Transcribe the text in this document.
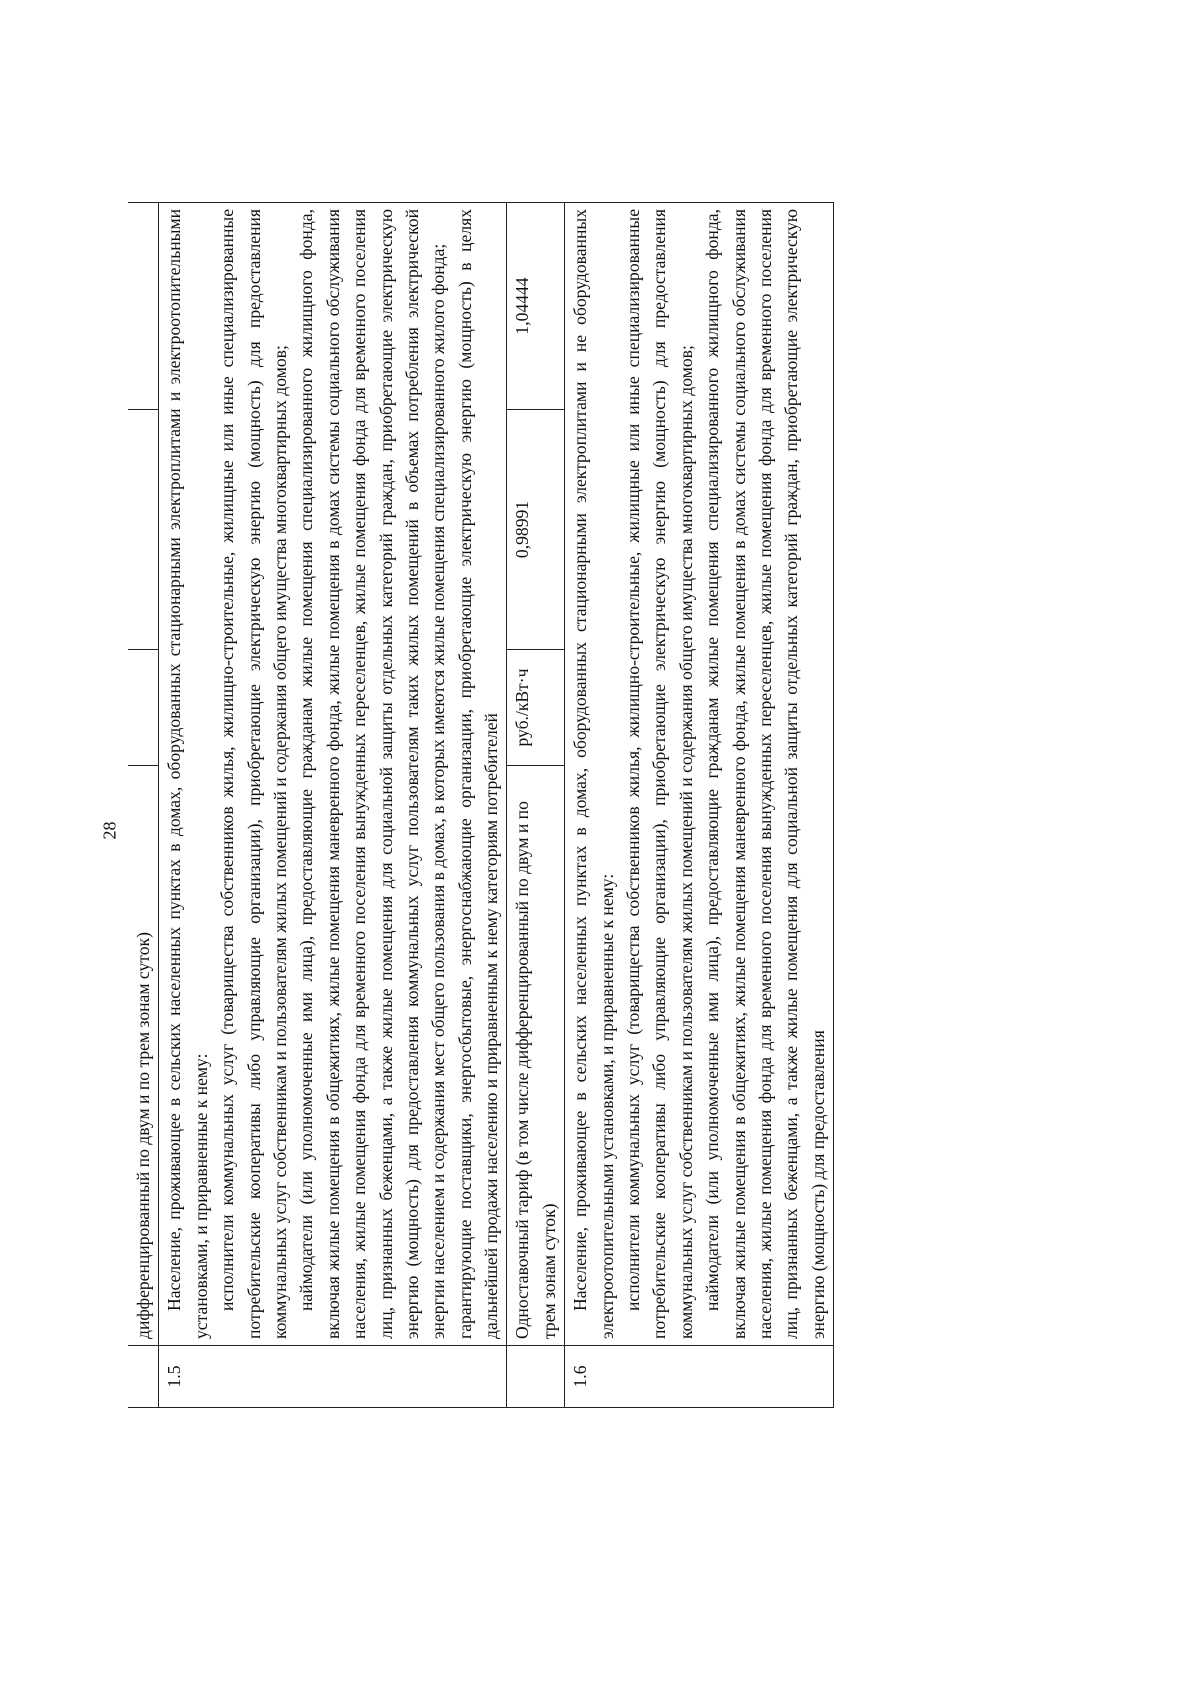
28
	дифференцированный по двум и по трем зонам суток)			
1.5	Население, проживающее в сельских населенных пунктах в домах, оборудованных стационарными электроплитами и электроотопительными установками, и приравненные к нему: исполнители коммунальных услуг (товарищества собственников жилья, жилищно-строительные, жилищные или иные специализированные потребительские кооперативы либо управляющие организации), приобретающие электрическую энергию (мощность) для предоставления коммунальных услуг собственникам и пользователям жилых помещений и содержания общего имущества многоквартирных домов; наймодатели (или уполномоченные ими лица), предоставляющие гражданам жилые помещения специализированного жилищного фонда, включая жилые помещения в общежитиях, жилые помещения маневренного фонда, жилые помещения в домах системы социального обслуживания населения, жилые помещения фонда для временного поселения вынужденных переселенцев, жилые помещения фонда для временного поселения лиц, признанных беженцами, а также жилые помещения для социальной защиты отдельных категорий граждан, приобретающие электрическую энергию (мощность) для предоставления коммунальных услуг пользователям таких жилых помещений в объемах потребления электрической энергии населением и содержания мест общего пользования в домах, в которых имеются жилые помещения специализированного жилого фонда; гарантирующие поставщики, энергосбытовые, энергоснабжающие организации, приобретающие электрическую энергию (мощность) в целях дальнейшей продажи населению и приравненным к нему категориям потребителей			

	Одноставочный тариф (в том числе дифференцированный по двум и по трем зонам суток)	руб./кВт·ч	0,98991	1,04444
1.6	Население, проживающее в сельских населенных пунктах в домах, оборудованных стационарными электроплитами и не оборудованных электроотопительными установками, и приравненные к нему: исполнители коммунальных услуг (товарищества собственников жилья, жилищно-строительные, жилищные или иные специализированные потребительские кооперативы либо управляющие организации), приобретающие электрическую энергию (мощность) для предоставления коммунальных услуг собственникам и пользователям жилых помещений и содержания общего имущества многоквартирных домов; наймодатели (или уполномоченные ими лица), предоставляющие гражданам жилые помещения специализированного жилищного фонда, включая жилые помещения в общежитиях, жилые помещения маневренного фонда, жилые помещения в домах системы социального обслуживания населения, жилые помещения фонда для временного поселения вынужденных переселенцев, жилые помещения фонда для временного поселения лиц, признанных беженцами, а также жилые помещения для социальной защиты отдельных категорий граждан, приобретающие электрическую энергию (мощность) для предоставления			
